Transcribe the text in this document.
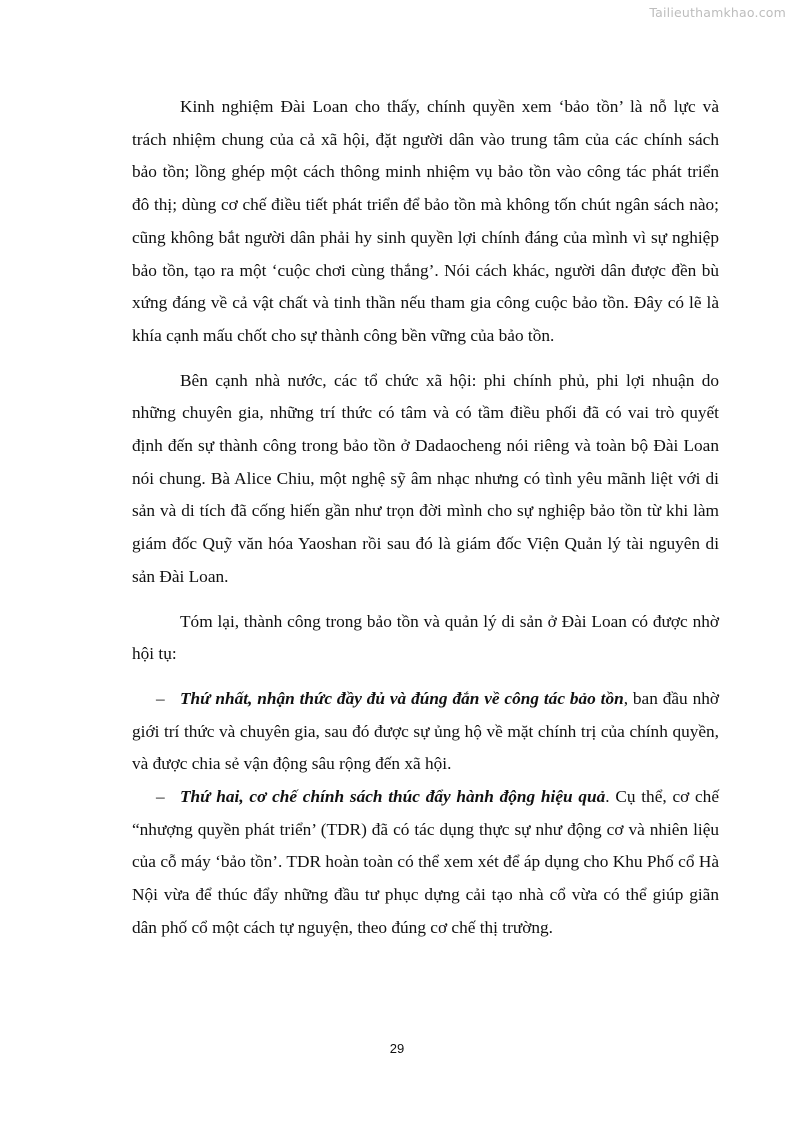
Tailieuthamkhao.com

Kinh nghiệm Đài Loan cho thấy, chính quyền xem ‘bảo tồn’ là nỗ lực và trách nhiệm chung của cả xã hội, đặt người dân vào trung tâm của các chính sách bảo tồn; lồng ghép một cách thông minh nhiệm vụ bảo tồn vào công tác phát triển đô thị; dùng cơ chế điều tiết phát triển để bảo tồn mà không tốn chút ngân sách nào; cũng không bắt người dân phải hy sinh quyền lợi chính đáng của mình vì sự nghiệp bảo tồn, tạo ra một ‘cuộc chơi cùng thắng’. Nói cách khác, người dân được đền bù xứng đáng về cả vật chất và tinh thần nếu tham gia công cuộc bảo tồn. Đây có lẽ là khía cạnh mấu chốt cho sự thành công bền vững của bảo tồn.

Bên cạnh nhà nước, các tổ chức xã hội: phi chính phủ, phi lợi nhuận do những chuyên gia, những trí thức có tâm và có tầm điều phối đã có vai trò quyết định đến sự thành công trong bảo tồn ở Dadaocheng nói riêng và toàn bộ Đài Loan nói chung. Bà Alice Chiu, một nghệ sỹ âm nhạc nhưng có tình yêu mãnh liệt với di sản và di tích đã cống hiến gần như trọn đời mình cho sự nghiệp bảo tồn từ khi làm giám đốc Quỹ văn hóa Yaoshan rồi sau đó là giám đốc Viện Quản lý tài nguyên di sản Đài Loan.

Tóm lại, thành công trong bảo tồn và quản lý di sản ở Đài Loan có được nhờ hội tụ:

– Thứ nhất, nhận thức đầy đủ và đúng đắn về công tác bảo tồn, ban đầu nhờ giới trí thức và chuyên gia, sau đó được sự ủng hộ về mặt chính trị của chính quyền, và được chia sẻ vận động sâu rộng đến xã hội.

– Thứ hai, cơ chế chính sách thúc đẩy hành động hiệu quả. Cụ thể, cơ chế “nhượng quyền phát triển’ (TDR) đã có tác dụng thực sự như động cơ và nhiên liệu của cỗ máy ‘bảo tồn’. TDR hoàn toàn có thể xem xét để áp dụng cho Khu Phố cổ Hà Nội vừa để thúc đẩy những đầu tư phục dựng cải tạo nhà cổ vừa có thể giúp giãn dân phố cổ một cách tự nguyện, theo đúng cơ chế thị trường.

29
